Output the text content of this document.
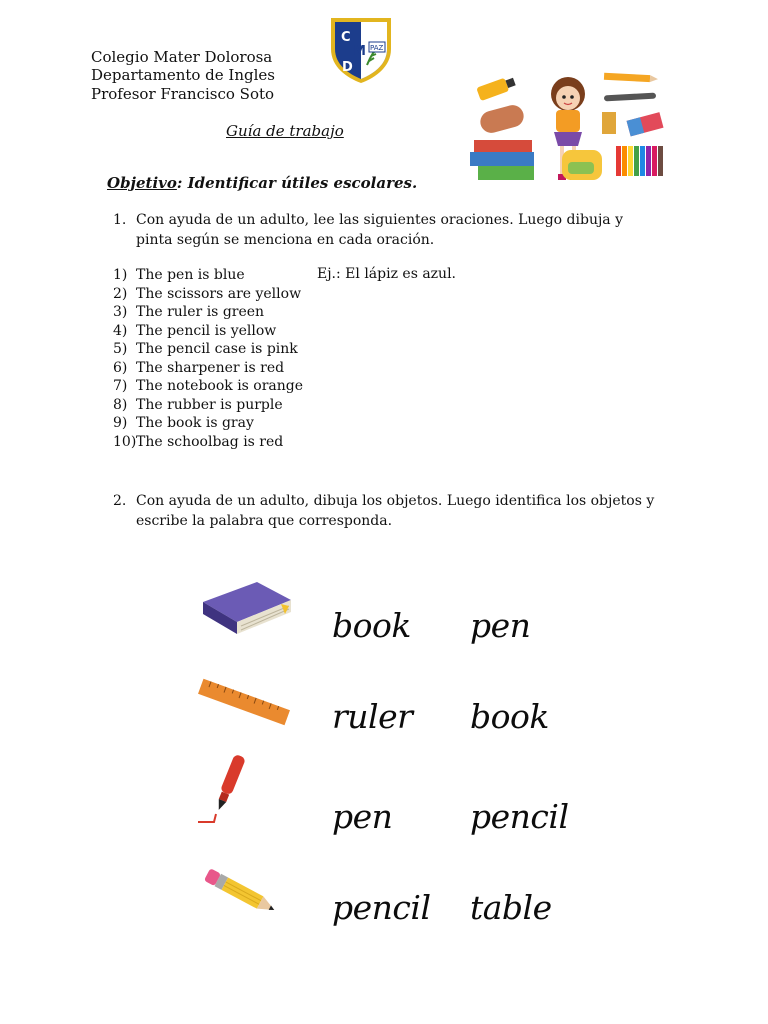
Colegio Mater Dolorosa
Departamento de Ingles
Profesor Francisco Soto
C
M
D
PAZ
Guía de trabajo
Objetivo: Identificar útiles escolares.
1. Con ayuda de un adulto, lee las siguientes oraciones. Luego dibuja y pinta según se menciona en cada oración.
1) The pen is blue
2) The scissors are yellow
3) The ruler is green
4) The pencil is yellow
5) The pencil case is pink
6) The sharpener is red
7) The notebook is orange
8) The rubber is purple
9) The book is gray
10) The schoolbag is red
Ej.: El lápiz es azul.
2. Con ayuda de un adulto, dibuja los objetos. Luego identifica los objetos y escribe la palabra que corresponda.
book pen
ruler book
pen pencil
pencil table
